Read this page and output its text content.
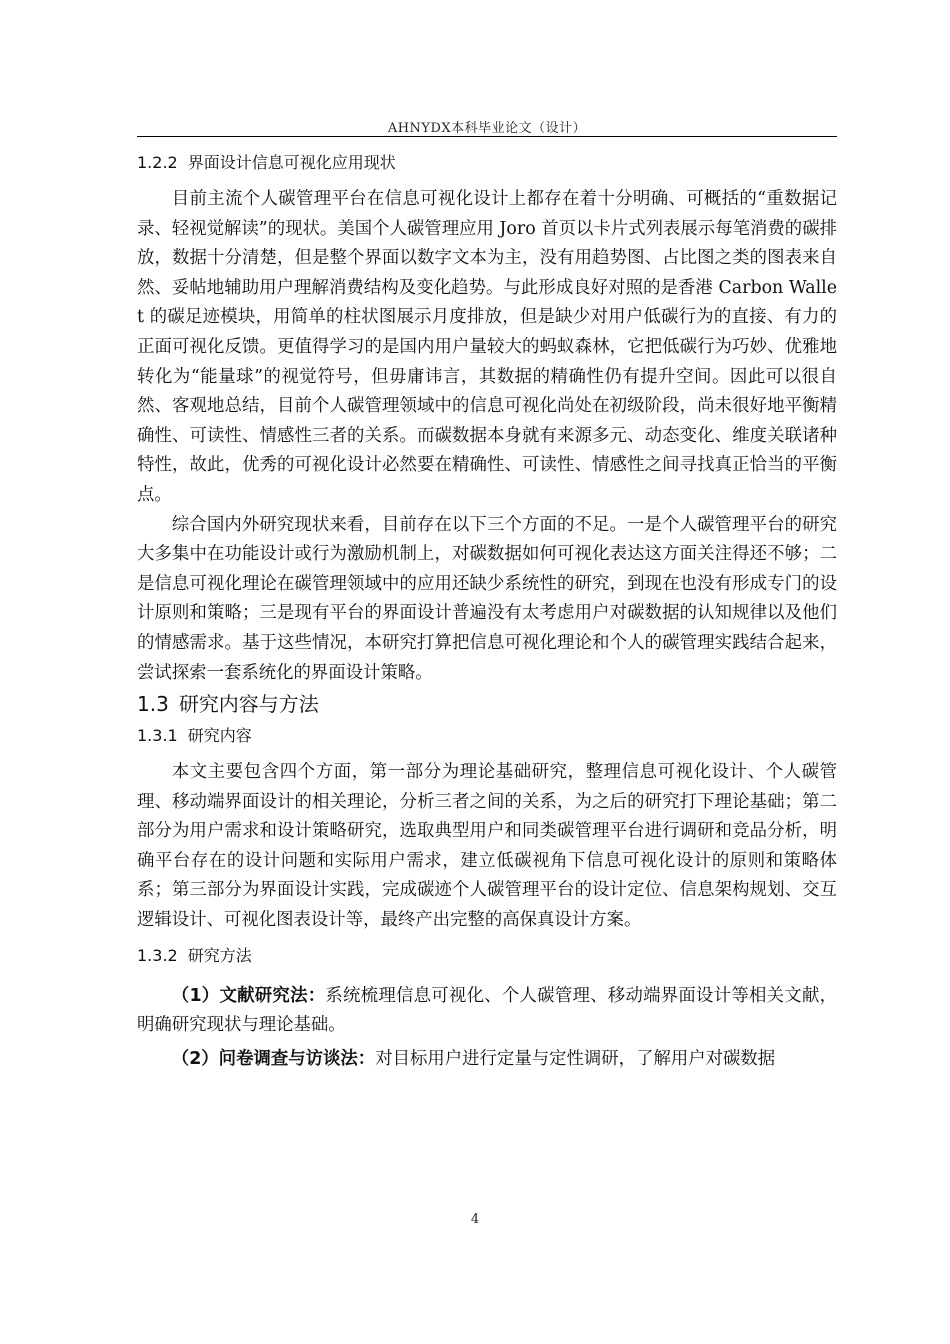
AHNYDX本科毕业论文（设计）
1.2.2 界面设计信息可视化应用现状

目前主流个人碳管理平台在信息可视化设计上都存在着十分明确、可概括的“重数据记录、轻视觉解读”的现状。美国个人碳管理应用 Joro 首页以卡片式列表展示每笔消费的碳排放，数据十分清楚，但是整个界面以数字文本为主，没有用趋势图、占比图之类的图表来自然、妥帖地辅助用户理解消费结构及变化趋势。与此形成良好对照的是香港 Carbon Wallet 的碳足迹模块，用简单的柱状图展示月度排放，但是缺少对用户低碳行为的直接、有力的正面可视化反馈。更值得学习的是国内用户量较大的蚂蚁森林，它把低碳行为巧妙、优雅地转化为“能量球”的视觉符号，但毋庸讳言，其数据的精确性仍有提升空间。因此可以很自然、客观地总结，目前个人碳管理领域中的信息可视化尚处在初级阶段，尚未很好地平衡精确性、可读性、情感性三者的关系。而碳数据本身就有来源多元、动态变化、维度关联诸种特性，故此，优秀的可视化设计必然要在精确性、可读性、情感性之间寻找真正恰当的平衡点。

综合国内外研究现状来看，目前存在以下三个方面的不足。一是个人碳管理平台的研究大多集中在功能设计或行为激励机制上，对碳数据如何可视化表达这方面关注得还不够；二是信息可视化理论在碳管理领域中的应用还缺少系统性的研究，到现在也没有形成专门的设计原则和策略；三是现有平台的界面设计普遍没有太考虑用户对碳数据的认知规律以及他们的情感需求。基于这些情况，本研究打算把信息可视化理论和个人的碳管理实践结合起来，尝试探索一套系统化的界面设计策略。

1.3 研究内容与方法
1.3.1 研究内容

本文主要包含四个方面，第一部分为理论基础研究，整理信息可视化设计、个人碳管理、移动端界面设计的相关理论，分析三者之间的关系，为之后的研究打下理论基础；第二部分为用户需求和设计策略研究，选取典型用户和同类碳管理平台进行调研和竞品分析，明确平台存在的设计问题和实际用户需求，建立低碳视角下信息可视化设计的原则和策略体系；第三部分为界面设计实践，完成碳迹个人碳管理平台的设计定位、信息架构规划、交互逻辑设计、可视化图表设计等，最终产出完整的高保真设计方案。

1.3.2 研究方法

（1）文献研究法：系统梳理信息可视化、个人碳管理、移动端界面设计等相关文献，明确研究现状与理论基础。

（2）问卷调查与访谈法：对目标用户进行定量与定性调研，了解用户对碳数据

4
